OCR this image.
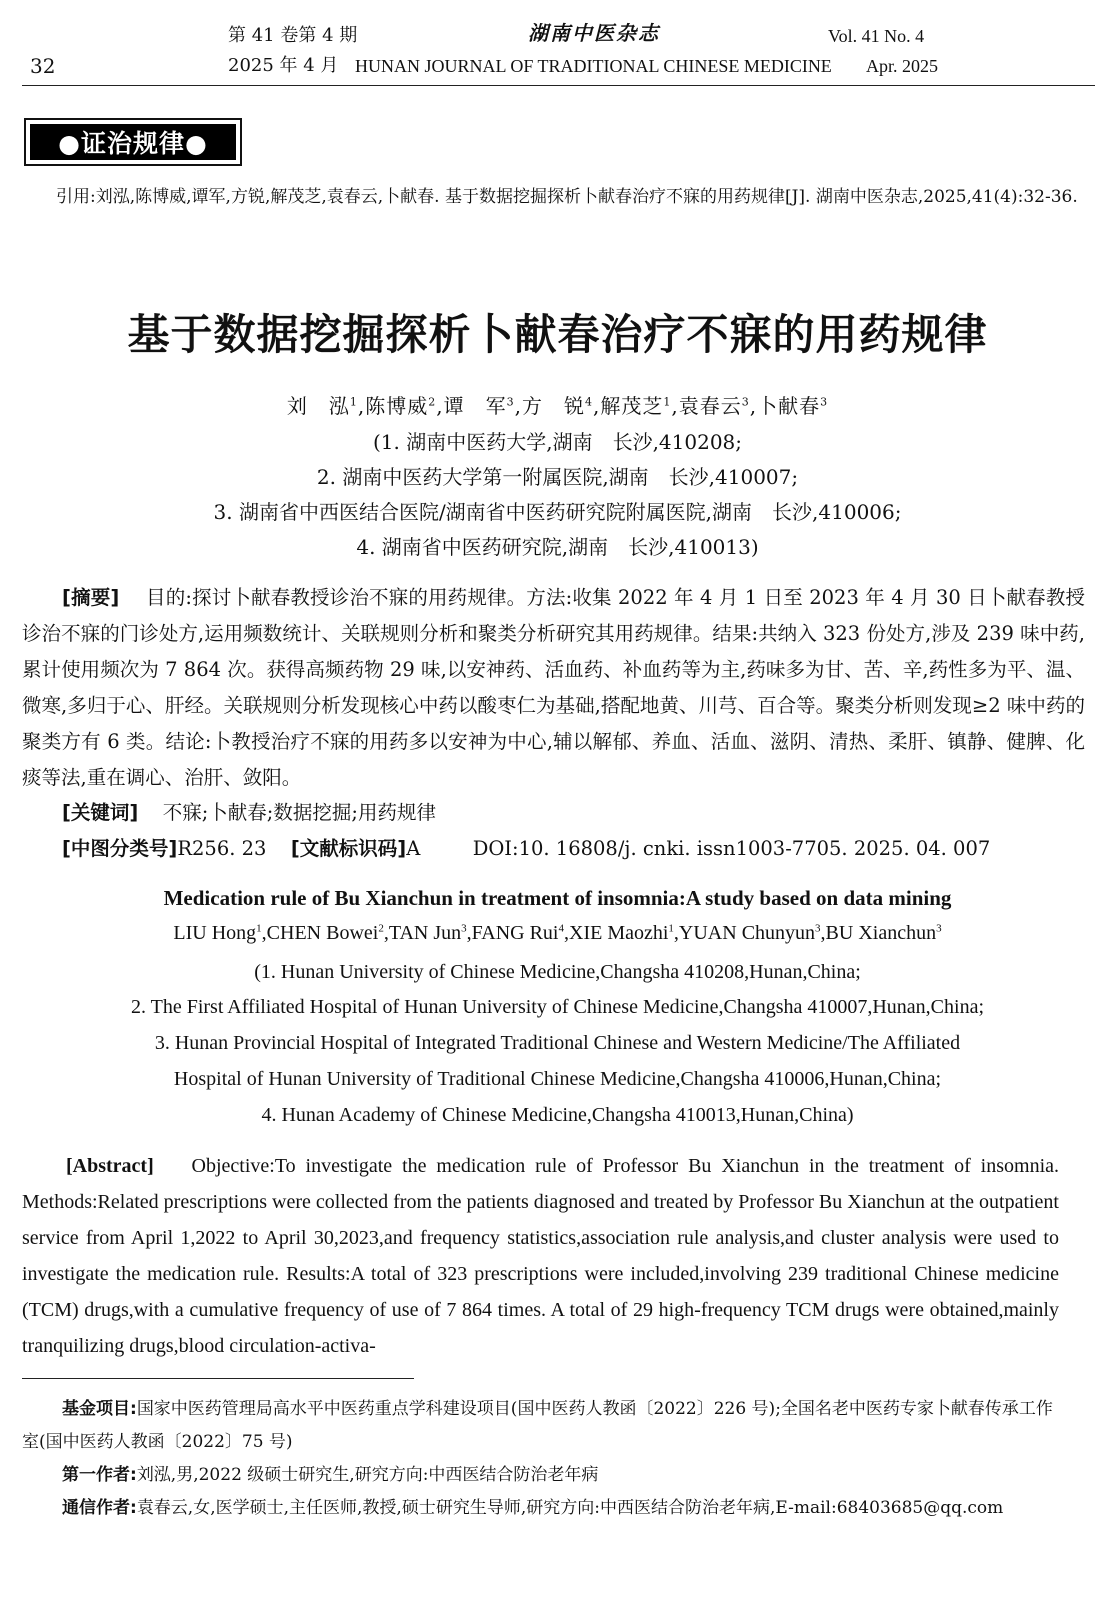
32
第 41 卷第 4 期
2025 年 4 月
湖南中医杂志
HUNAN JOURNAL OF TRADITIONAL CHINESE MEDICINE
Vol. 41 No. 4
Apr. 2025
●证治规律●
引用:刘泓,陈博威,谭军,方锐,解茂芝,袁春云,卜献春. 基于数据挖掘探析卜献春治疗不寐的用药规律[J]. 湖南中医杂志,2025,41(4):32-36.
基于数据挖掘探析卜献春治疗不寐的用药规律
刘　泓$^1$,陈博威$^2$,谭　军$^3$,方　锐$^4$,解茂芝$^1$,袁春云$^3$,卜献春$^3$
(1. 湖南中医药大学,湖南　长沙,410208;
2. 湖南中医药大学第一附属医院,湖南　长沙,410007;
3. 湖南省中西医结合医院/湖南省中医药研究院附属医院,湖南　长沙,410006;
4. 湖南省中医药研究院,湖南　长沙,410013)

[摘要] 目的:探讨卜献春教授诊治不寐的用药规律。方法:收集 2022 年 4 月 1 日至 2023 年 4 月 30 日卜献春教授诊治不寐的门诊处方,运用频数统计、关联规则分析和聚类分析研究其用药规律。结果:共纳入 323 份处方,涉及 239 味中药,累计使用频次为 7 864 次。获得高频药物 29 味,以安神药、活血药、补血药等为主,药味多为甘、苦、辛,药性多为平、温、微寒,多归于心、肝经。关联规则分析发现核心中药以酸枣仁为基础,搭配地黄、川芎、百合等。聚类分析则发现≥2 味中药的聚类方有 6 类。结论:卜教授治疗不寐的用药多以安神为中心,辅以解郁、养血、活血、滋阴、清热、柔肝、镇静、健脾、化痰等法,重在调心、治肝、敛阳。

[关键词] 不寐;卜献春;数据挖掘;用药规律
[中图分类号]R256. 23 [文献标识码]A	DOI:10. 16808/j. cnki. issn1003-7705. 2025. 04. 007
Medication rule of Bu Xianchun in treatment of insomnia:A study based on data mining
LIU Hong$^1$,CHEN Bowei$^2$,TAN Jun$^3$,FANG Rui$^4$,XIE Maozhi$^1$,YUAN Chunyun$^3$,BU Xianchun$^3$
(1. Hunan University of Chinese Medicine,Changsha 410208,Hunan,China;
2. The First Affiliated Hospital of Hunan University of Chinese Medicine,Changsha 410007,Hunan,China;
3. Hunan Provincial Hospital of Integrated Traditional Chinese and Western Medicine/The Affiliated
Hospital of Hunan University of Traditional Chinese Medicine,Changsha 410006,Hunan,China;
4. Hunan Academy of Chinese Medicine,Changsha 410013,Hunan,China)

[Abstract] Objective:To investigate the medication rule of Professor Bu Xianchun in the treatment of insomnia. Methods:Related prescriptions were collected from the patients diagnosed and treated by Professor Bu Xianchun at the outpatient service from April 1,2022 to April 30,2023,and frequency statistics,association rule analysis,and cluster analysis were used to investigate the medication rule. Results:A total of 323 prescriptions were included,involving 239 traditional Chinese medicine (TCM) drugs,with a cumulative frequency of use of 7 864 times. A total of 29 high-frequency TCM drugs were obtained,mainly tranquilizing drugs,blood circulation-activa-

基金项目:国家中医药管理局高水平中医药重点学科建设项目(国中医药人教函〔2022〕226 号);全国名老中医药专家卜献春传承工作室(国中医药人教函〔2022〕75 号)
第一作者:刘泓,男,2022 级硕士研究生,研究方向:中西医结合防治老年病
通信作者:袁春云,女,医学硕士,主任医师,教授,硕士研究生导师,研究方向:中西医结合防治老年病,E-mail:68403685@qq.com
